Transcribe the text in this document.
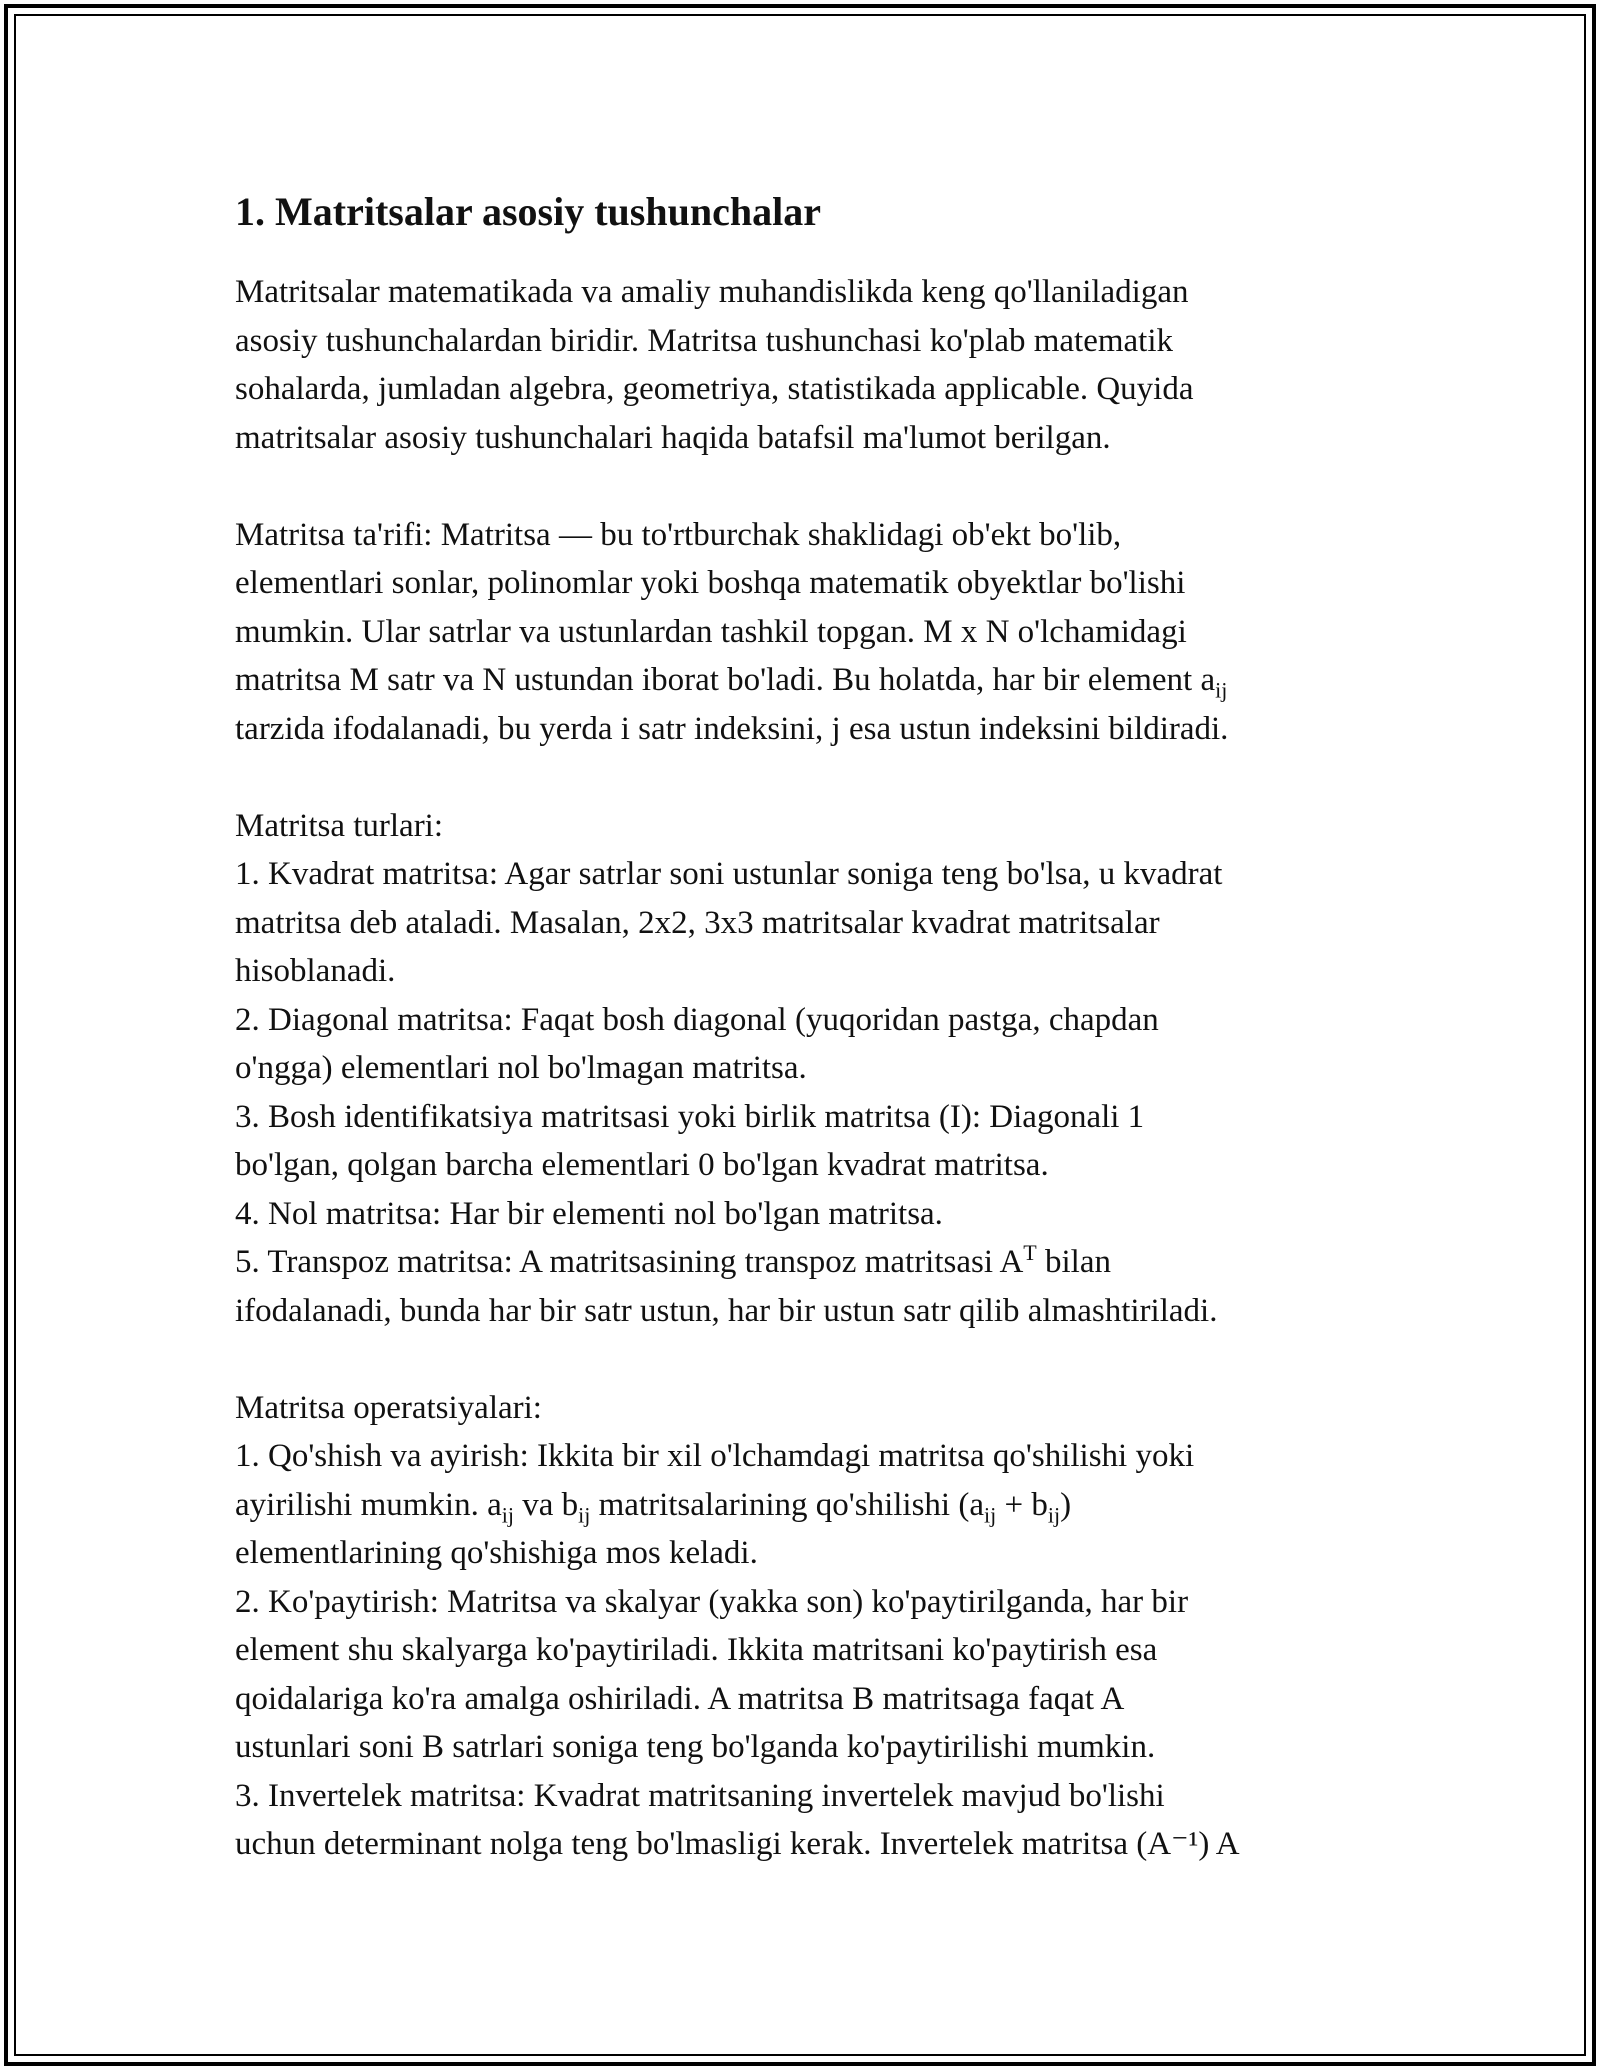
1. Matritsalar asosiy tushunchalar
Matritsalar matematikada va amaliy muhandislikda keng qo'llaniladigan
asosiy tushunchalardan biridir. Matritsa tushunchasi ko'plab matematik
sohalarda, jumladan algebra, geometriya, statistikada applicable. Quyida
matritsalar asosiy tushunchalari haqida batafsil ma'lumot berilgan.
Matritsa ta'rifi: Matritsa — bu to'rtburchak shaklidagi ob'ekt bo'lib,
elementlari sonlar, polinomlar yoki boshqa matematik obyektlar bo'lishi
mumkin. Ular satrlar va ustunlardan tashkil topgan. M x N o'lchamidagi
matritsa M satr va N ustundan iborat bo'ladi. Bu holatda, har bir element $a_{ij}$
tarzida ifodalanadi, bu yerda i satr indeksini, j esa ustun indeksini bildiradi.
Matritsa turlari:
1. Kvadrat matritsa: Agar satrlar soni ustunlar soniga teng bo'lsa, u kvadrat
matritsa deb ataladi. Masalan, 2x2, 3x3 matritsalar kvadrat matritsalar
hisoblanadi.
2. Diagonal matritsa: Faqat bosh diagonal (yuqoridan pastga, chapdan
o'ngga) elementlari nol bo'lmagan matritsa.
3. Bosh identifikatsiya matritsasi yoki birlik matritsa (I): Diagonali 1
bo'lgan, qolgan barcha elementlari 0 bo'lgan kvadrat matritsa.
4. Nol matritsa: Har bir elementi nol bo'lgan matritsa.
5. Transpoz matritsa: A matritsasining transpoz matritsasi $A^T$ bilan
ifodalanadi, bunda har bir satr ustun, har bir ustun satr qilib almashtiriladi.
Matritsa operatsiyalari:
1. Qo'shish va ayirish: Ikkita bir xil o'lchamdagi matritsa qo'shilishi yoki
ayirilishi mumkin. $a_{ij}$ va $b_{ij}$ matritsalarining qo'shilishi $(a_{ij} + b_{ij})$
elementlarining qo'shishiga mos keladi.
2. Ko'paytirish: Matritsa va skalyar (yakka son) ko'paytirilganda, har bir
element shu skalyarga ko'paytiriladi. Ikkita matritsani ko'paytirish esa
qoidalariga ko'ra amalga oshiriladi. A matritsa B matritsaga faqat A
ustunlari soni B satrlari soniga teng bo'lganda ko'paytirilishi mumkin.
3. Invertelek matritsa: Kvadrat matritsaning invertelek mavjud bo'lishi
uchun determinant nolga teng bo'lmasligi kerak. Invertelek matritsa (A⁻¹) A
